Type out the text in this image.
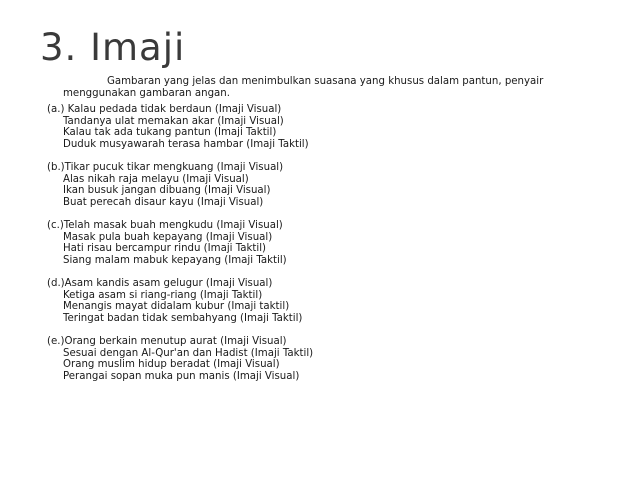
3. Imaji

Gambaran yang jelas dan menimbulkan suasana yang khusus dalam pantun, penyair menggunakan gambaran angan.

(a.) Kalau pedada tidak berdaun (Imaji Visual)
Tandanya ulat memakan akar (Imaji Visual)
Kalau tak ada tukang pantun (Imaji Taktil)
Duduk musyawarah terasa hambar (Imaji Taktil)
(b.)Tikar pucuk tikar mengkuang (Imaji Visual)
Alas nikah raja melayu (Imaji Visual)
Ikan busuk jangan dibuang (Imaji Visual)
Buat perecah disaur kayu (Imaji Visual)
(c.)Telah masak buah mengkudu (Imaji Visual)
Masak pula buah kepayang (Imaji Visual)
Hati risau bercampur rindu (Imaji Taktil)
Siang malam mabuk kepayang (Imaji Taktil)
(d.)Asam kandis asam gelugur (Imaji Visual)
Ketiga asam si riang-riang (Imaji Taktil)
Menangis mayat didalam kubur (Imaji taktil)
Teringat badan tidak sembahyang (Imaji Taktil)
(e.)Orang berkain menutup aurat (Imaji Visual)
Sesuai dengan Al-Qur'an dan Hadist (Imaji Taktil)
Orang muslim hidup beradat (Imaji Visual)
Perangai sopan muka pun manis (Imaji Visual)
